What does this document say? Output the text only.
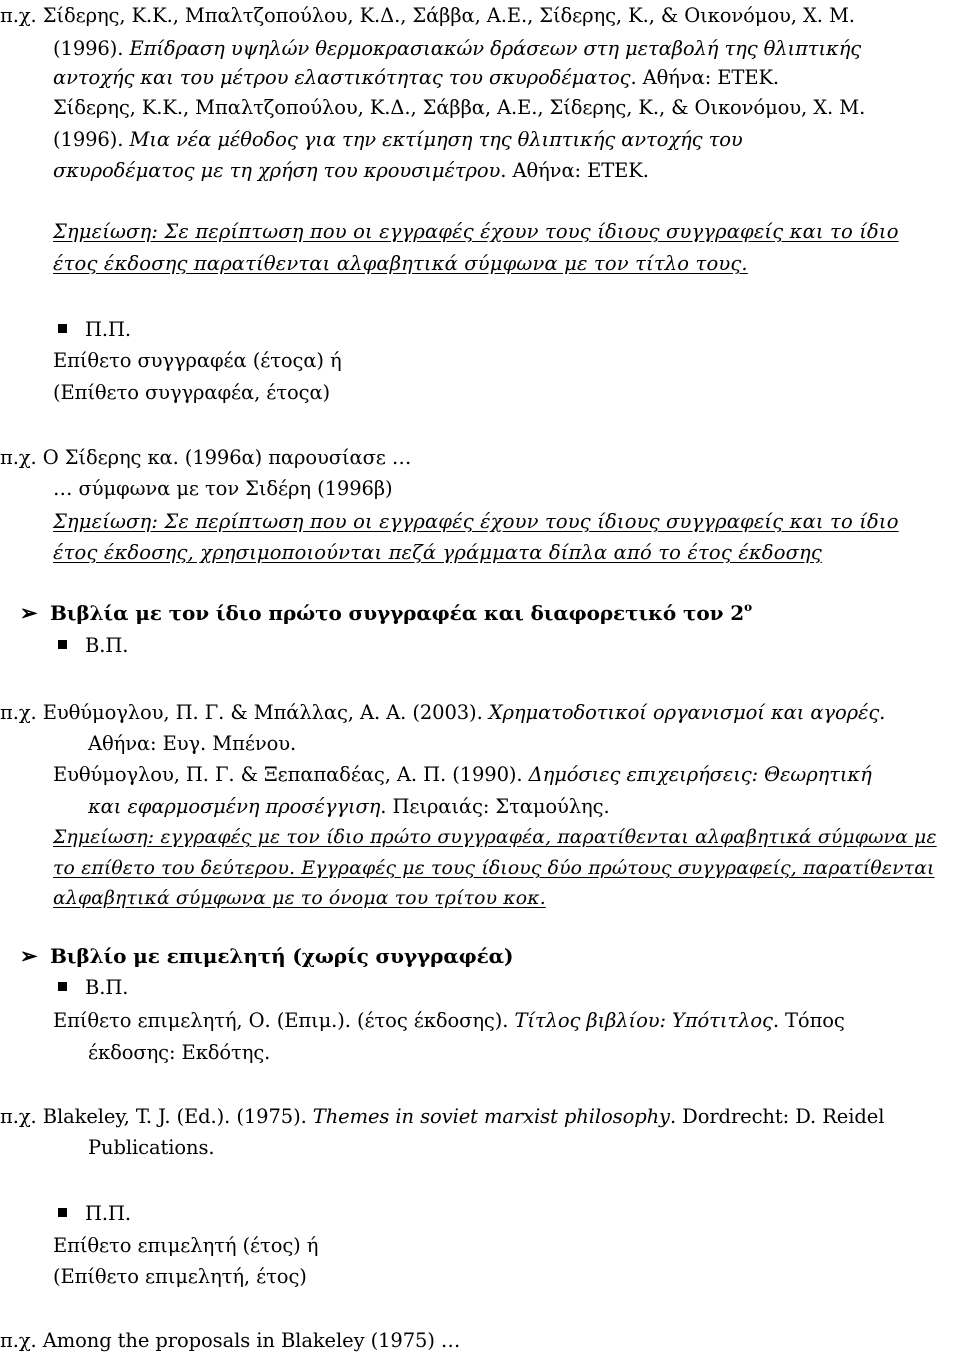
π.χ. Σίδερης, Κ.Κ., Μπαλτζοπούλου, Κ.Δ., Σάββα, Α.Ε., Σίδερης, Κ., & Οικονόμου, Χ. Μ.
(1996). Επίδραση υψηλών θερμοκρασιακών δράσεων στη μεταβολή της θλιπτικής
αντοχής και του μέτρου ελαστικότητας του σκυροδέματος. Αθήνα: ΕΤΕΚ.
Σίδερης, Κ.Κ., Μπαλτζοπούλου, Κ.Δ., Σάββα, Α.Ε., Σίδερης, Κ., & Οικονόμου, Χ. Μ.
(1996). Μια νέα μέθοδος για την εκτίμηση της θλιπτικής αντοχής του
σκυροδέματος με τη χρήση του κρουσιμέτρου. Αθήνα: ΕΤΕΚ.
Σημείωση: Σε περίπτωση που οι εγγραφές έχουν τους ίδιους συγγραφείς και το ίδιο
έτος έκδοσης παρατίθενται αλφαβητικά σύμφωνα με τον τίτλο τους.
Π.Π.
Επίθετο συγγραφέα (έτοςα) ή
(Επίθετο συγγραφέα, έτοςα)
π.χ. Ο Σίδερης κα. (1996α) παρουσίασε …
… σύμφωνα με τον Σιδέρη (1996β)
Σημείωση: Σε περίπτωση που οι εγγραφές έχουν τους ίδιους συγγραφείς και το ίδιο
έτος έκδοσης, χρησιμοποιούνται πεζά γράμματα δίπλα από το έτος έκδοσης
➢ Βιβλία με τον ίδιο πρώτο συγγραφέα και διαφορετικό τον $2^o$
Β.Π.
π.χ. Ευθύμογλου, Π. Γ. & Μπάλλας, Α. Α. (2003). Χρηματοδοτικοί οργανισμοί και αγορές.
Αθήνα: Ευγ. Μπένου.
Ευθύμογλου, Π. Γ. & Ξεπαπαδέας, Α. Π. (1990). Δημόσιες επιχειρήσεις: Θεωρητική
και εφαρμοσμένη προσέγγιση. Πειραιάς: Σταμούλης.
Σημείωση: εγγραφές με τον ίδιο πρώτο συγγραφέα, παρατίθενται αλφαβητικά σύμφωνα με
το επίθετο του δεύτερου. Εγγραφές με τους ίδιους δύο πρώτους συγγραφείς, παρατίθενται
αλφαβητικά σύμφωνα με το όνομα του τρίτου κοκ.
➢ Βιβλίο με επιμελητή (χωρίς συγγραφέα)
Β.Π.
Επίθετο επιμελητή, Ο. (Επιμ.). (έτος έκδοσης). Τίτλος βιβλίου: Υπότιτλος. Τόπος
έκδοσης: Εκδότης.
π.χ. Blakeley, T. J. (Ed.). (1975). Themes in soviet marxist philosophy. Dordrecht: D. Reidel
Publications.
Π.Π.
Επίθετο επιμελητή (έτος) ή
(Επίθετο επιμελητή, έτος)
π.χ. Among the proposals in Blakeley (1975) …
